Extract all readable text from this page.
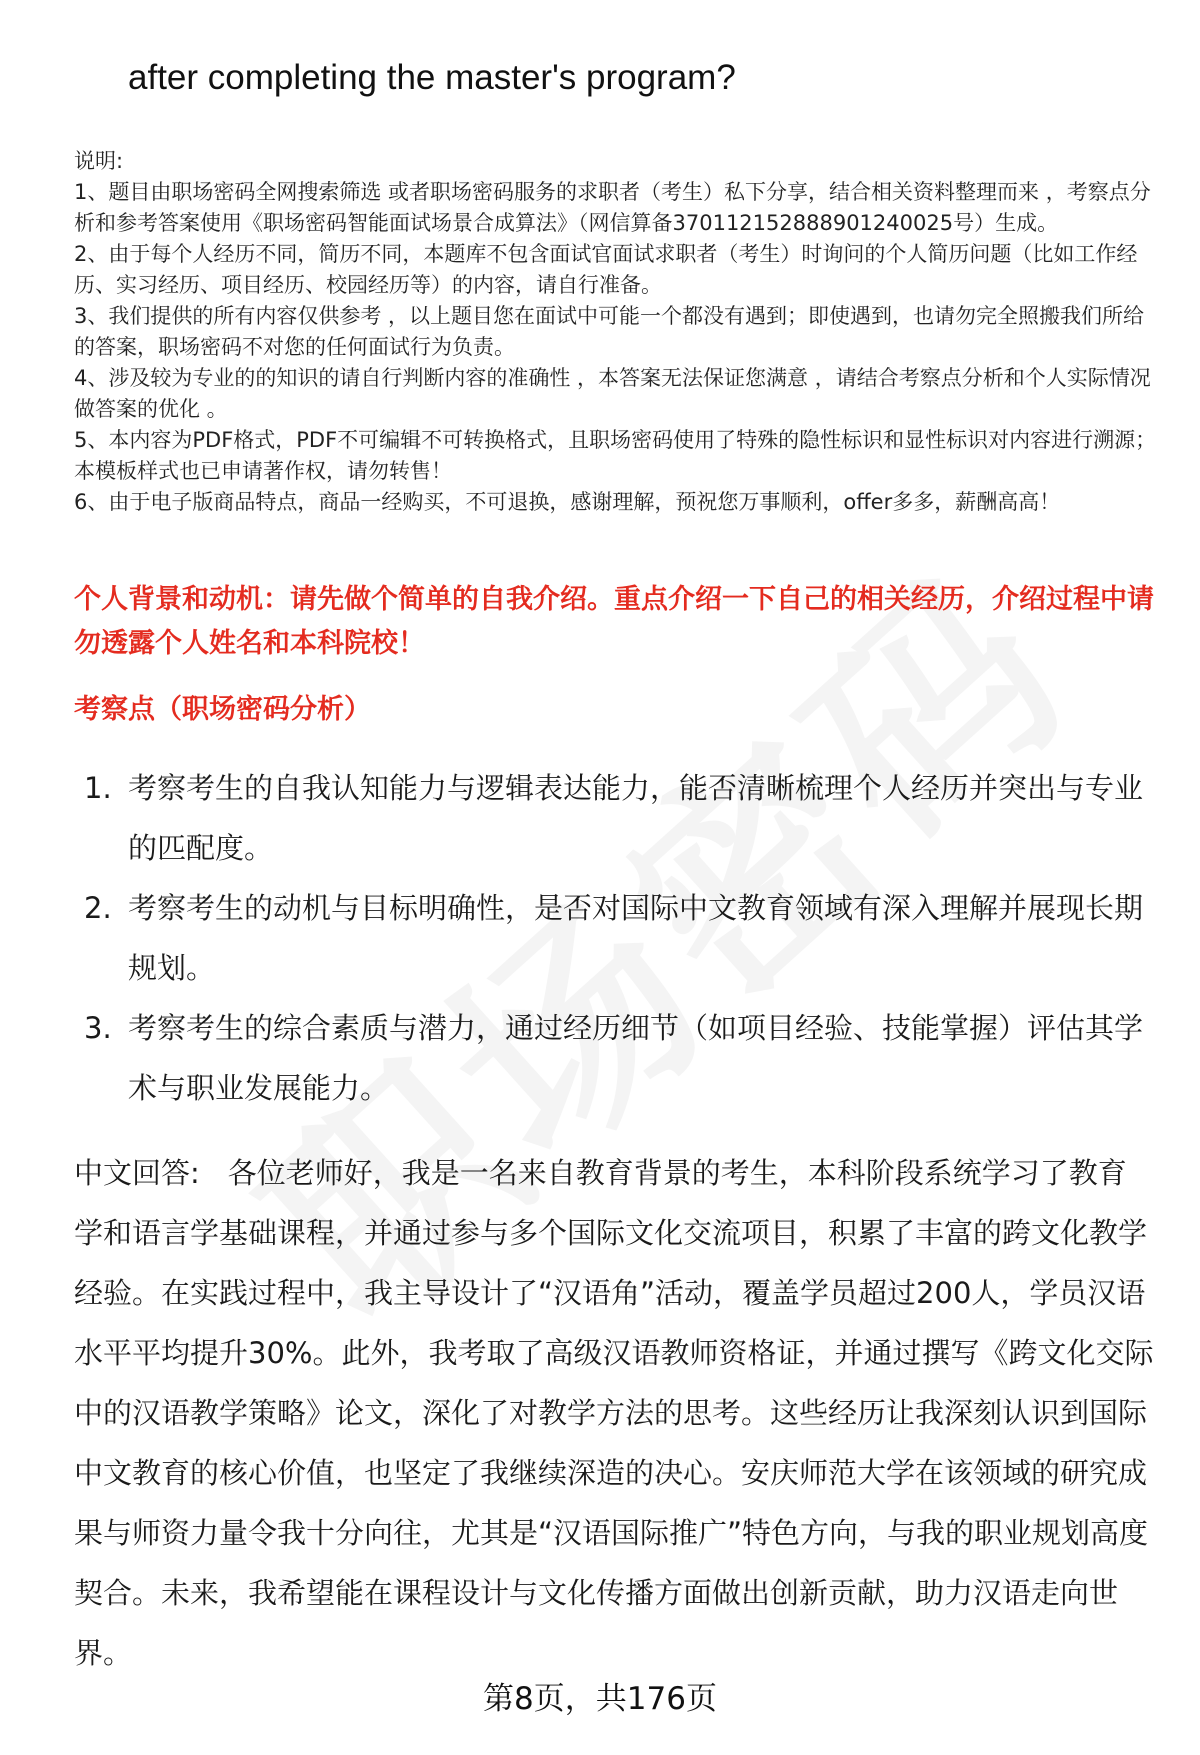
after completing the master's program?

说明:

1、题目由职场密码全网搜索筛选 或者职场密码服务的求职者（考生）私下分享，结合相关资料整理而来 ，考察点分析和参考答案使用《职场密码智能面试场景合成算法》（网信算备370112152888901240025号）生成。

2、由于每个人经历不同，简历不同，本题库不包含面试官面试求职者（考生）时询问的个人简历问题（比如工作经历、实习经历、项目经历、校园经历等）的内容，请自行准备。

3、我们提供的所有内容仅供参考 ，以上题目您在面试中可能一个都没有遇到；即使遇到，也请勿完全照搬我们所给的答案，职场密码不对您的任何面试行为负责。

4、涉及较为专业的的知识的请自行判断内容的准确性 ，本答案无法保证您满意 ，请结合考察点分析和个人实际情况做答案的优化 。

5、本内容为PDF格式，PDF不可编辑不可转换格式，且职场密码使用了特殊的隐性标识和显性标识对内容进行溯源；本模板样式也已申请著作权，请勿转售！

6、由于电子版商品特点，商品一经购买，不可退换，感谢理解，预祝您万事顺利，offer多多，薪酬高高！

个人背景和动机：请先做个简单的自我介绍。重点介绍一下自己的相关经历，介绍过程中请勿透露个人姓名和本科院校！
考察点（职场密码分析）
1. 考察考生的自我认知能力与逻辑表达能力，能否清晰梳理个人经历并突出与专业的匹配度。
2. 考察考生的动机与目标明确性，是否对国际中文教育领域有深入理解并展现长期规划。
3. 考察考生的综合素质与潜力，通过经历细节（如项目经验、技能掌握）评估其学术与职业发展能力。

中文回答: 各位老师好，我是一名来自教育背景的考生，本科阶段系统学习了教育学和语言学基础课程，并通过参与多个国际文化交流项目，积累了丰富的跨文化教学经验。在实践过程中，我主导设计了“汉语角”活动，覆盖学员超过200人，学员汉语水平平均提升30%。此外，我考取了高级汉语教师资格证，并通过撰写《跨文化交际中的汉语教学策略》论文，深化了对教学方法的思考。这些经历让我深刻认识到国际中文教育的核心价值，也坚定了我继续深造的决心。安庆师范大学在该领域的研究成果与师资力量令我十分向往，尤其是“汉语国际推广”特色方向，与我的职业规划高度契合。未来，我希望能在课程设计与文化传播方面做出创新贡献，助力汉语走向世界。

第8页，共176页
